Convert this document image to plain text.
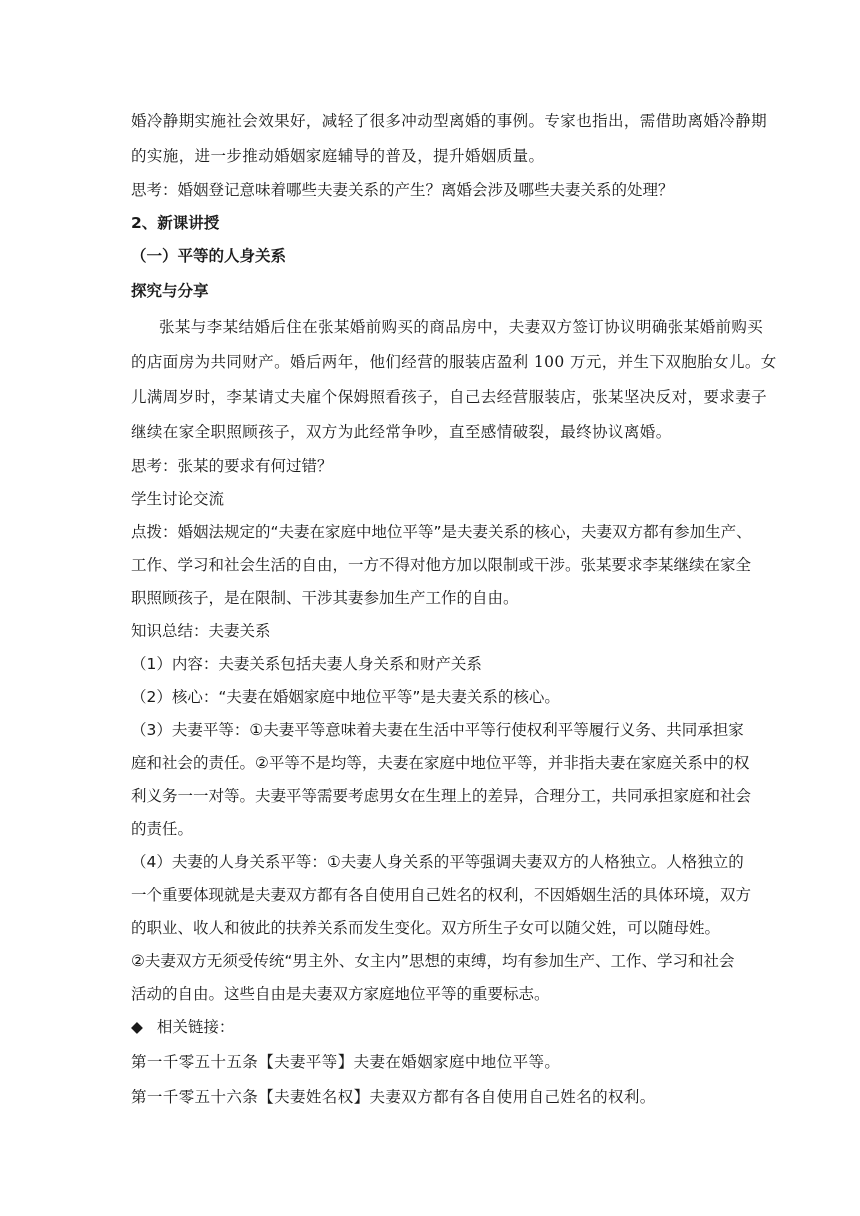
婚冷静期实施社会效果好，减轻了很多冲动型离婚的事例。专家也指出，需借助离婚冷静期
的实施，进一步推动婚姻家庭辅导的普及，提升婚姻质量。
思考：婚姻登记意味着哪些夫妻关系的产生？离婚会涉及哪些夫妻关系的处理？
2、新课讲授
（一）平等的人身关系
探究与分享
张某与李某结婚后住在张某婚前购买的商品房中，夫妻双方签订协议明确张某婚前购买
的店面房为共同财产。婚后两年，他们经营的服装店盈利 100 万元，并生下双胞胎女儿。女
儿满周岁时，李某请丈夫雇个保姆照看孩子，自己去经营服装店，张某坚决反对，要求妻子
继续在家全职照顾孩子，双方为此经常争吵，直至感情破裂，最终协议离婚。
思考：张某的要求有何过错？
学生讨论交流
点拨：婚姻法规定的“夫妻在家庭中地位平等”是夫妻关系的核心，夫妻双方都有参加生产、
工作、学习和社会生活的自由，一方不得对他方加以限制或干涉。张某要求李某继续在家全
职照顾孩子，是在限制、干涉其妻参加生产工作的自由。
知识总结：夫妻关系
（1）内容：夫妻关系包括夫妻人身关系和财产关系
（2）核心：“夫妻在婚姻家庭中地位平等”是夫妻关系的核心。
（3）夫妻平等：①夫妻平等意味着夫妻在生活中平等行使权利平等履行义务、共同承担家
庭和社会的责任。②平等不是均等，夫妻在家庭中地位平等，并非指夫妻在家庭关系中的权
利义务一一对等。夫妻平等需要考虑男女在生理上的差异，合理分工，共同承担家庭和社会
的责任。
（4）夫妻的人身关系平等：①夫妻人身关系的平等强调夫妻双方的人格独立。人格独立的
一个重要体现就是夫妻双方都有各自使用自己姓名的权利，不因婚姻生活的具体环境，双方
的职业、收人和彼此的扶养关系而发生变化。双方所生子女可以随父姓，可以随母姓。
②夫妻双方无须受传统“男主外、女主内”思想的束缚，均有参加生产、工作、学习和社会
活动的自由。这些自由是夫妻双方家庭地位平等的重要标志。
◆ 相关链接：
第一千零五十五条【夫妻平等】夫妻在婚姻家庭中地位平等。
第一千零五十六条【夫妻姓名权】夫妻双方都有各自使用自己姓名的权利。
